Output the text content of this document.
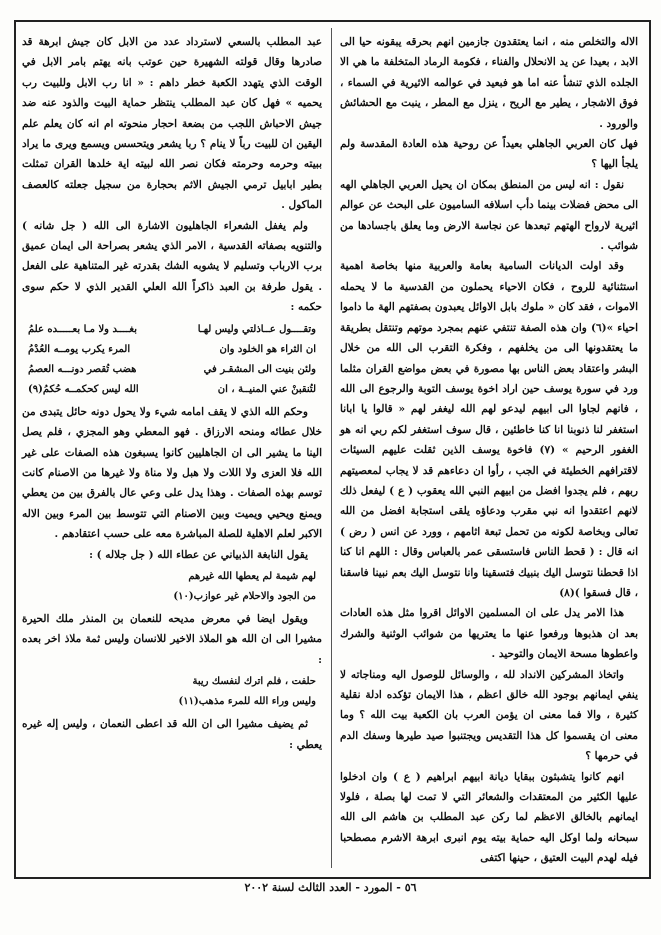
الاله والتخلص منه ، انما يعتقدون جازمين انهم بحرقه يبقونه حيا الى الابد ، بعيدا عن يد الانحلال والفناء ، فكومة الرماد المتخلفة ما هي الا الجلده الذي تنشأ عنه اما هو فبعيد في عوالمه الاثيرية في السماء ، فوق الاشجار ، يطير مع الريح ، ينزل مع المطر ، ينبت مع الحشائش والورود .

فهل كان العربي الجاهلي بعيداً عن روحية هذه العادة المقدسة ولم يلجأ اليها ؟

نقول : انه ليس من المنطق بمكان ان يحيل العربي الجاهلي الهه الى محض فضلات بينما دأب اسلافه الساميون على البحث عن عوالم اثيرية لارواح الهتهم تبعدها عن نجاسة الارض وما يعلق باجسادها من شوائب .

وقد اولت الديانات السامية بعامة والعربية منها بخاصة اهمية استثنائية للروح ، فكان الاحياء يحملون من القدسية ما لا يحمله الاموات ، فقد كان « ملوك بابل الاوائل يعبدون بصفتهم الهة ما داموا احياء »(٦) وان هذه الصفة تنتفي عنهم بمجرد موتهم وتنتقل بطريقة ما يعتقدونها الى من يخلفهم ، وفكرة التقرب الى الله من خلال البشر واعتقاد بعض الناس بها مصورة في بعض مواضع القران مثلما ورد في سورة يوسف حين اراد اخوة يوسف التوبة والرجوع الى الله ، فانهم لجاوا الى ابيهم ليدعو لهم الله ليغفر لهم « قالوا يا ابانا استغفر لنا ذنوبنا انا كنا خاطئين ، قال سوف استغفر لكم ربي انه هو الغفور الرحيم » (٧) فاخوة يوسف الذين ثقلت عليهم السيئات لاقترافهم الخطيئة في الجب ، رأوا ان دعاءهم قد لا يجاب لمعصيتهم ربهم ، فلم يجدوا افضل من ابيهم النبي الله يعقوب ( ع ) ليفعل ذلك لانهم اعتقدوا انه نبي مقرب ودعاؤه يلقى استجابة افضل من الله تعالى وبخاصة لكونه من تحمل تبعة اثامهم ، وورد عن انس ( رض ) انه قال : ( قحط الناس فاستسقى عمر بالعباس وقال : اللهم انا كنا اذا قحطنا نتوسل اليك بنبيك فتسقينا وانا نتوسل اليك بعم نبينا فاسقنا ، قال فسقوا )(٨)

هذا الامر يدل على ان المسلمين الاوائل اقروا مثل هذه العادات بعد ان هذبوها ورفعوا عنها ما يعتريها من شوائب الوثنية والشرك واعطوها مسحة الايمان والتوحيد .

واتخاذ المشركين الانداد لله ، والوسائل للوصول اليه ومناجاته لا ينفي ايمانهم بوجود الله خالق اعظم ، هذا الايمان تؤكده ادلة نقلية كثيرة ، والا فما معنى ان يؤمن العرب بان الكعبة بيت الله ؟ وما معنى ان يقسموا كل هذا التقديس ويجتنبوا صيد طيرها وسفك الدم في حرمها ؟

انهم كانوا يتشبثون ببقايا ديانة ابيهم ابراهيم ( ع ) وان ادخلوا عليها الكثير من المعتقدات والشعائر التي لا تمت لها بصلة ، فلولا ايمانهم بالخالق الاعظم لما ركن عبد المطلب بن هاشم الى الله سبحانه ولما اوكل اليه حماية بيته يوم انبرى ابرهة الاشرم مصطحبا فيله لهدم البيت العتيق ، حينها اكتفى

عبد المطلب بالسعي لاسترداد عدد من الابل كان جيش ابرهة قد صادرها وقال قولته الشهيرة حين عوتب بانه يهتم بامر الابل في الوقت الذي يتهدد الكعبة خطر داهم : « انا رب الابل وللبيت رب يحميه » فهل كان عبد المطلب ينتظر حماية البيت والذود عنه ضد جيش الاحباش اللجب من بضعة احجار منحوته ام انه كان يعلم علم اليقين ان للبيت رباً لا ينام ؟ ربا يشعر ويتحسس ويسمع ويرى ما يراد ببيته وحرمه وحرمته فكان نصر الله لبيته اية خلدها القران تمثلت بطير ابابيل ترمي الجيش الاثم بحجارة من سجيل جعلته كالعصف الماكول .

ولم يغفل الشعراء الجاهليون الاشارة الى الله ( جل شانه ) والتنويه بصفاته القدسية ، الامر الذي يشعر بصراحة الى ايمان عميق برب الارباب وتسليم لا يشوبه الشك بقدرته غير المتناهية على الفعل . يقول طرفة بن العبد ذاكراً الله العلي القدير الذي لا حكم سوى حكمه :

وتقــــول عــاذلتي وليس لهـا
بغــــد ولا مـا بعـــــده علمُ
ان الثراء هو الخلود وان
المرء يكرب يومــه العُدْمُ
ولئن بنيت الى المشقـر في
هضب تُقصر دونـــه العصمُ
لتُنقبنْ عني المنيــة ، ان
الله ليس كحكمــه حُكمُ(٩)

وحكم الله الذي لا يقف امامه شيء ولا يحول دونه حائل يتبدى من خلال عطائه ومنحه الارزاق . فهو المعطي وهو المجزي ، فلم يصل الينا ما يشير الى ان الجاهليين كانوا يسبغون هذه الصفات على غير الله فلا العزى ولا اللات ولا هبل ولا مناة ولا غيرها من الاصنام كانت توسم بهذه الصفات . وهذا يدل على وعي عال بالفرق بين من يعطي ويمنع ويحيي ويميت وبين الاصنام التي تتوسط بين المرء وبين الاله الاكبر لعلم الاهلية للصلة المباشرة معه على حسب اعتقادهم .

يقول النابغة الذبياني عن عطاء الله ( جل جلاله ) :

لهم شيمة لم يعطها الله غيرهم
من الجود والاحلام غير عوازب(١٠)

ويقول ايضا في معرض مديحه للنعمان بن المنذر ملك الحيرة مشيرا الى ان الله هو الملاذ الاخير للانسان وليس ثمة ملاذ اخر بعده :

حلفت ، فلم اترك لنفسك ريبة
وليس وراء الله للمرء مذهب(١١)

ثم يضيف مشيرا الى ان الله قد اعطى النعمان ، وليس إله غيره يعطي :

٥٦ - المورد - العدد الثالث لسنة ٢٠٠٢
